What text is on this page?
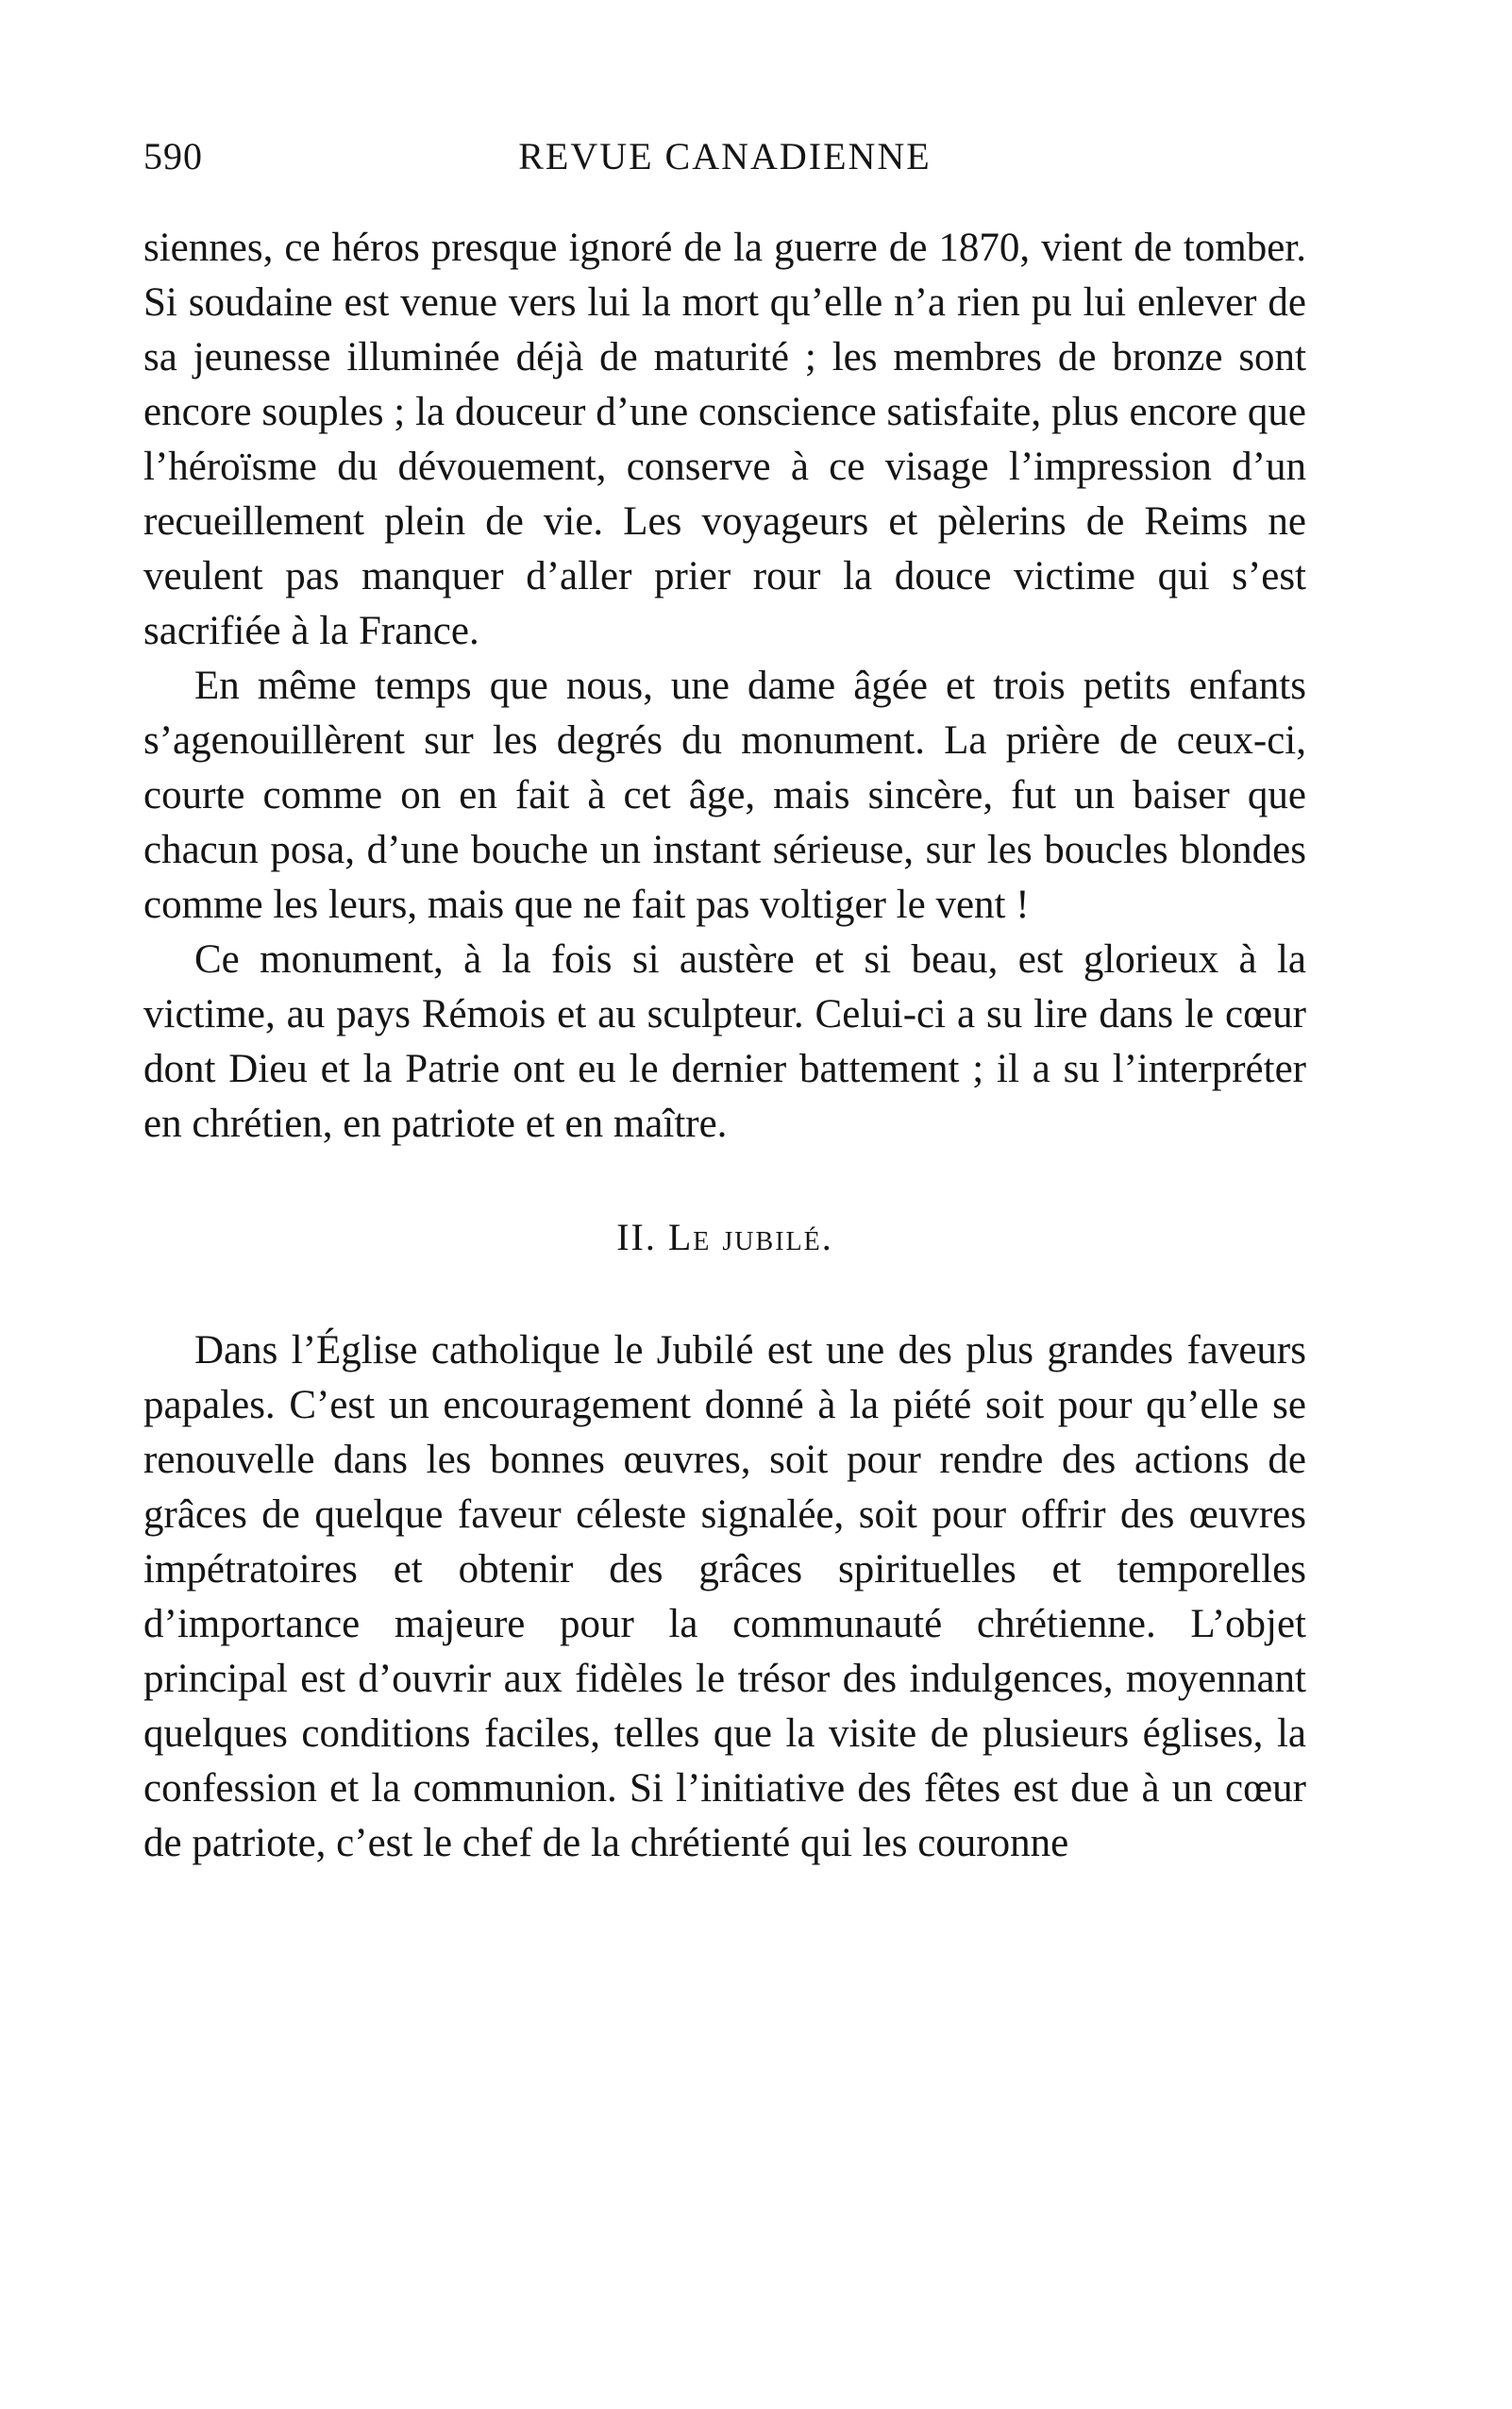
590	REVUE CANADIENNE

siennes, ce héros presque ignoré de la guerre de 1870, vient de tomber. Si soudaine est venue vers lui la mort qu’elle n’a rien pu lui enlever de sa jeunesse illuminée déjà de maturité ; les membres de bronze sont encore souples ; la douceur d’une conscience satisfaite, plus encore que l’héroïsme du dévouement, conserve à ce visage l’impression d’un recueillement plein de vie. Les voyageurs et pèlerins de Reims ne veulent pas manquer d’aller prier rour la douce victime qui s’est sacrifiée à la France.

En même temps que nous, une dame âgée et trois petits enfants s’agenouillèrent sur les degrés du monument. La prière de ceux-ci, courte comme on en fait à cet âge, mais sincère, fut un baiser que chacun posa, d’une bouche un instant sérieuse, sur les boucles blondes comme les leurs, mais que ne fait pas voltiger le vent !

Ce monument, à la fois si austère et si beau, est glorieux à la victime, au pays Rémois et au sculpteur. Celui-ci a su lire dans le cœur dont Dieu et la Patrie ont eu le dernier battement ; il a su l’interpréter en chrétien, en patriote et en maître.

II. Le jubilé.

Dans l’Église catholique le Jubilé est une des plus grandes faveurs papales. C’est un encouragement donné à la piété soit pour qu’elle se renouvelle dans les bonnes œuvres, soit pour rendre des actions de grâces de quelque faveur céleste signalée, soit pour offrir des œuvres impétratoires et obtenir des grâces spirituelles et temporelles d’importance majeure pour la communauté chrétienne. L’objet principal est d’ouvrir aux fidèles le trésor des indulgences, moyennant quelques conditions faciles, telles que la visite de plusieurs églises, la confession et la communion. Si l’initiative des fêtes est due à un cœur de patriote, c’est le chef de la chrétienté qui les couronne
